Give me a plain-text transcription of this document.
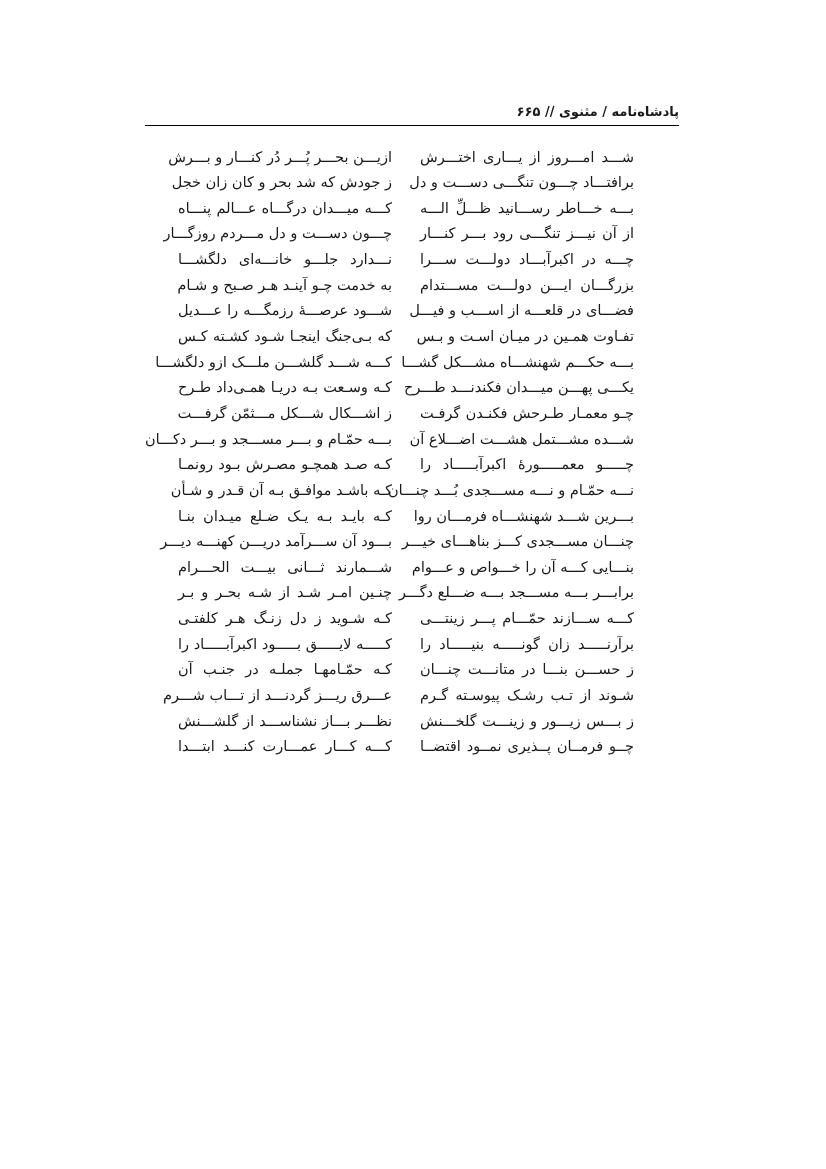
پادشاه‌نامه / مثنوی // ۶۶۵
شـــد امـــروز از یـــاری اختـــرش
ازیـــن بحـــر پُـــر دُر کنـــار و بـــرش
برافتـــاد چـــون تنگـــی دســـت و دل
ز جودش که شد بحر و کان زان خجل
بـــه خـــاطر رســـانید ظـــلِّ الـــه
کـــه میـــدان درگـــاه عـــالم پنـــاه
از آن نیـــز تنگـــی رود بـــر کنـــار
چـــون دســـت و دل مـــردم روزگـــار
چـــه در اکبرآبـــاد دولـــت ســـرا
نـــدارد جلـــو خانـــه‌ای دلگشـــا
بزرگـــان ایـــن دولـــت مســـتدام
به خدمت چـو آینـد هـر صـبح و شـام
فضـــای در قلعـــه از اســـب و فیـــل
شـــود عرصـــهٔ رزمگـــه را عـــدیل
تفـاوت همـین در میـان اسـت و بـس
که بـی‌جنگ اینجـا شـود کشـته کـس
بـــه حکـــم شهنشـــاه مشـــکل گشـــا
کـــه شـــد گلشـــن ملـــک ازو دلگشـــا
یکـــی پهـــن میـــدان فکندنـــد طـــرح
کـه وسـعت بـه دریـا همـی‌داد طـرح
چـو معمـار طـرحش فکنـدن گرفـت
ز اشـــکال شـــکل مـــثمّن گرفـــت
شـــده مشـــتمل هشـــت اضـــلاع آن
بـــه حمّـام و بـــر مســـجد و بـــر دکـــان
چـــــو معمـــــورهٔ اکبرآبـــــاد را
کـه صـد همچـو مصـرش بـود رونمـا
نـــه حمّـام و نـــه مســـجدی بُـــد چنـــان
کـه باشـد موافـق بـه آن قـدر و شـأن
بـــرین شـــد شهنشـــاه فرمـــان روا
کـه بایـد بـه یـک ضـلع میـدان بنـا
چنـــان مســـجدی کـــز بناهـــای خیـــر
بـــود آن ســـرآمد دریـــن کهنـــه دیـــر
بنـــایی کـــه آن را خـــواص و عـــوام
شـــمارند ثـــانی بیـــت الحـــرام
برابـــر بـــه مســـجد بـــه ضـــلع دگـــر
چنـین امـر شـد از شـه بحـر و بـر
کـــه ســـازند حمّـــام پـــر زینتـــی
کـه شـوید ز دل زنـگ هـر کلفتـی
برآرنـــــد زان گونـــــه بنیـــــاد را
کـــــه لایـــــق بـــــود اکبرآبـــــاد را
ز حســـن بنـــا در متانـــت چنـــان
کـه حمّـامهـا جملـه در جنـب آن
شـوند از تـب رشـک پیوسـته گـرم
عـــرق ریـــز گردنـــد از تـــاب شـــرم
ز بـــس زیـــور و زینـــت گلخـــنش
نظـــر بـــاز نشناســـد از گلشـــنش
چــو فرمــان پــذیری نمــود اقتضــا
کـــه کـــار عمـــارت کنـــد ابتـــدا
